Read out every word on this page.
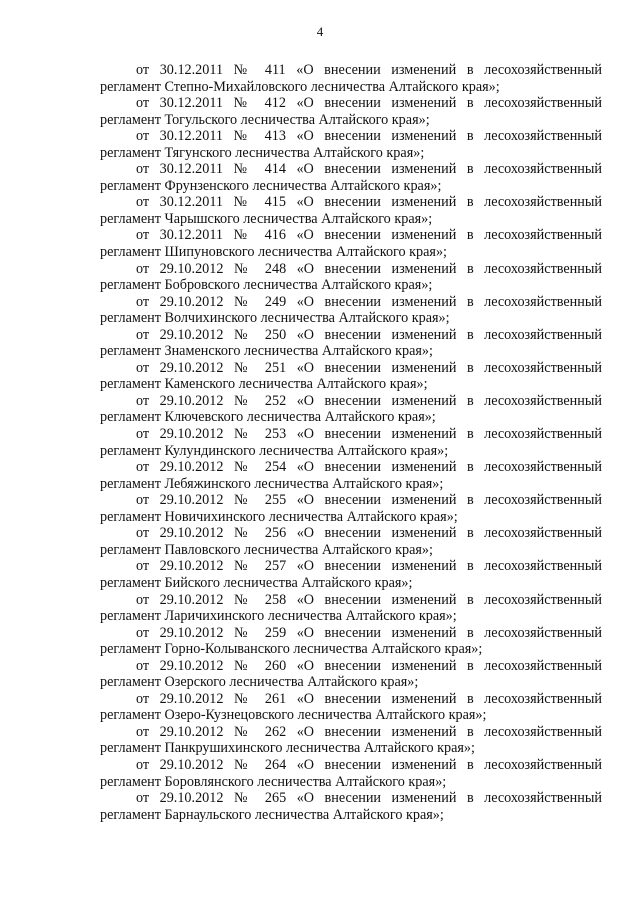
4

от 30.12.2011 № 411 «О внесении изменений в лесохозяйственный
регламент Степно-Михайловского лесничества Алтайского края»;

от 30.12.2011 № 412 «О внесении изменений в лесохозяйственный
регламент Тогульского лесничества Алтайского края»;

от 30.12.2011 № 413 «О внесении изменений в лесохозяйственный
регламент Тягунского лесничества Алтайского края»;

от 30.12.2011 № 414 «О внесении изменений в лесохозяйственный
регламент Фрунзенского лесничества Алтайского края»;

от 30.12.2011 № 415 «О внесении изменений в лесохозяйственный
регламент Чарышского лесничества Алтайского края»;

от 30.12.2011 № 416 «О внесении изменений в лесохозяйственный
регламент Шипуновского лесничества Алтайского края»;

от 29.10.2012 № 248 «О внесении изменений в лесохозяйственный
регламент Бобровского лесничества Алтайского края»;

от 29.10.2012 № 249 «О внесении изменений в лесохозяйственный
регламент Волчихинского лесничества Алтайского края»;

от 29.10.2012 № 250 «О внесении изменений в лесохозяйственный
регламент Знаменского лесничества Алтайского края»;

от 29.10.2012 № 251 «О внесении изменений в лесохозяйственный
регламент Каменского лесничества Алтайского края»;

от 29.10.2012 № 252 «О внесении изменений в лесохозяйственный
регламент Ключевского лесничества Алтайского края»;

от 29.10.2012 № 253 «О внесении изменений в лесохозяйственный
регламент Кулундинского лесничества Алтайского края»;

от 29.10.2012 № 254 «О внесении изменений в лесохозяйственный
регламент Лебяжинского лесничества Алтайского края»;

от 29.10.2012 № 255 «О внесении изменений в лесохозяйственный
регламент Новичихинского лесничества Алтайского края»;

от 29.10.2012 № 256 «О внесении изменений в лесохозяйственный
регламент Павловского лесничества Алтайского края»;

от 29.10.2012 № 257 «О внесении изменений в лесохозяйственный
регламент Бийского лесничества Алтайского края»;

от 29.10.2012 № 258 «О внесении изменений в лесохозяйственный
регламент Ларичихинского лесничества Алтайского края»;

от 29.10.2012 № 259 «О внесении изменений в лесохозяйственный
регламент Горно-Колыванского лесничества Алтайского края»;

от 29.10.2012 № 260 «О внесении изменений в лесохозяйственный
регламент Озерского лесничества Алтайского края»;

от 29.10.2012 № 261 «О внесении изменений в лесохозяйственный
регламент Озеро-Кузнецовского лесничества Алтайского края»;

от 29.10.2012 № 262 «О внесении изменений в лесохозяйственный
регламент Панкрушихинского лесничества Алтайского края»;

от 29.10.2012 № 264 «О внесении изменений в лесохозяйственный
регламент Боровлянского лесничества Алтайского края»;

от 29.10.2012 № 265 «О внесении изменений в лесохозяйственный
регламент Барнаульского лесничества Алтайского края»;
